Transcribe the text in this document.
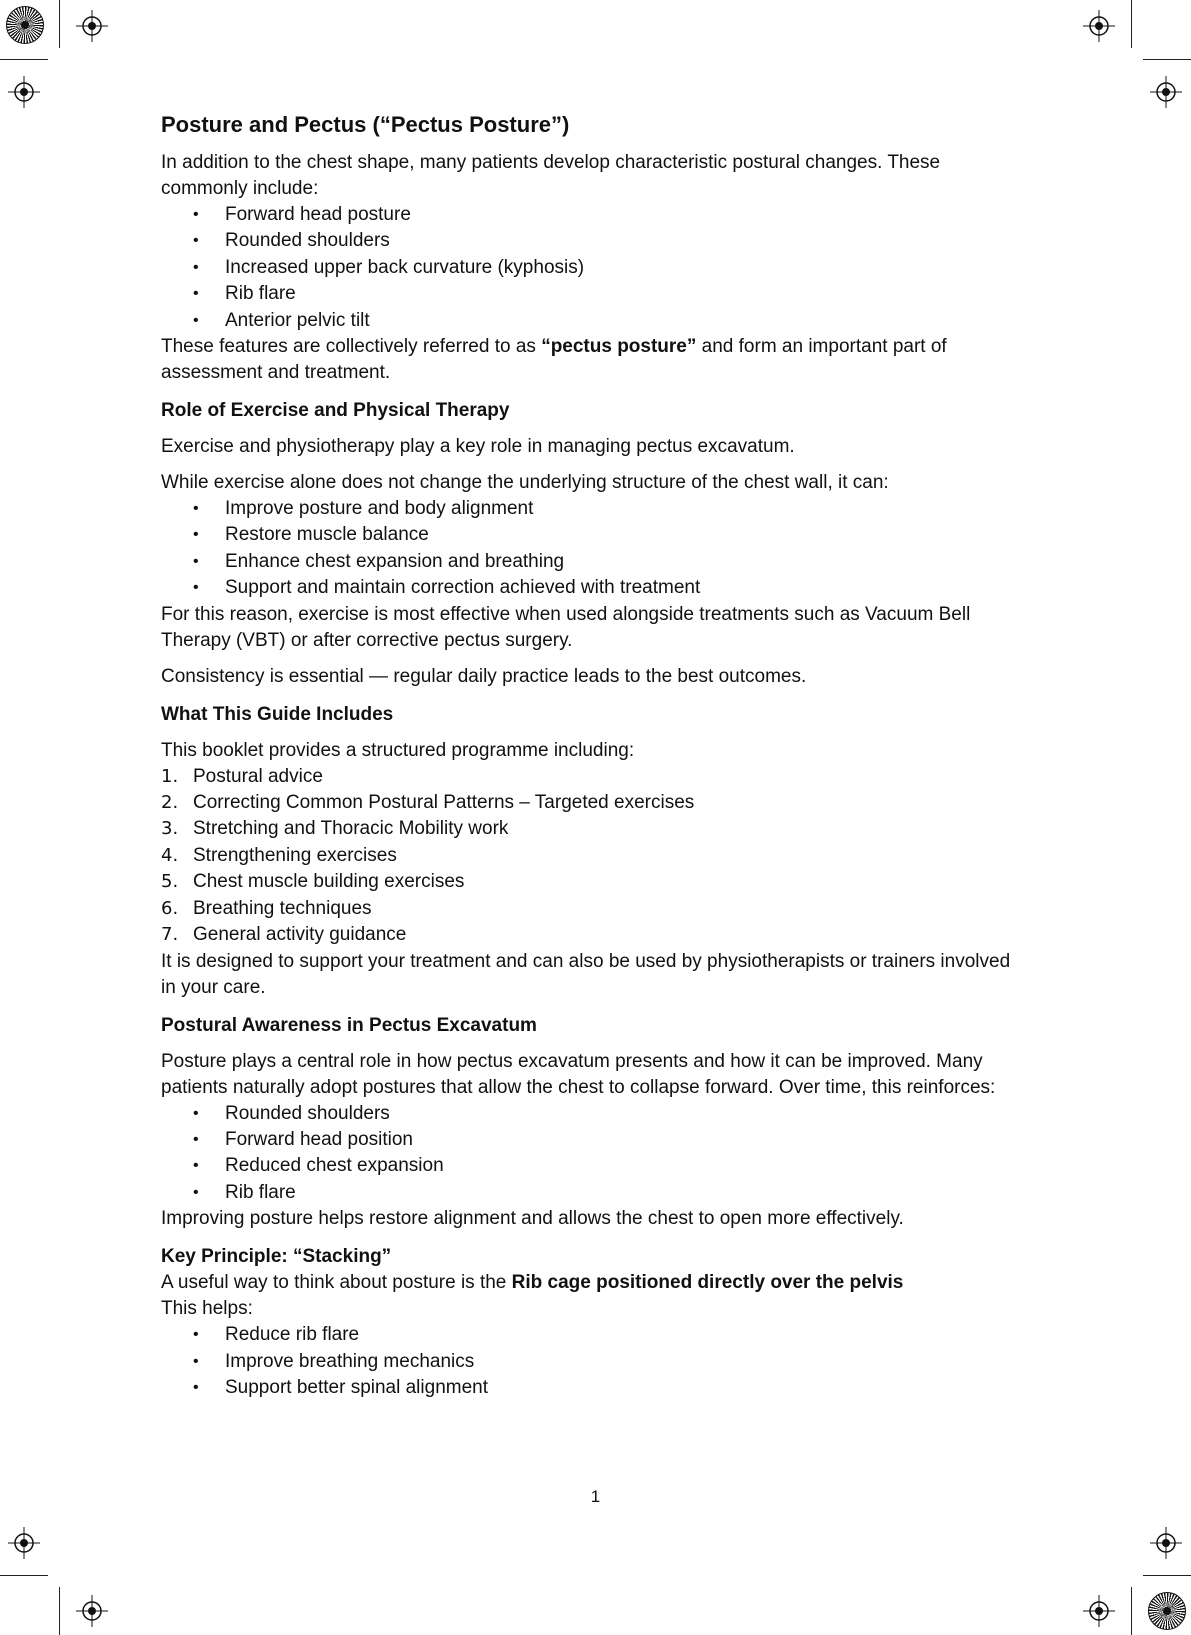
Posture and Pectus (“Pectus Posture”)

In addition to the chest shape, many patients develop characteristic postural changes. These commonly include:

• Forward head posture
• Rounded shoulders
• Increased upper back curvature (kyphosis)
• Rib flare
• Anterior pelvic tilt

These features are collectively referred to as “pectus posture” and form an important part of assessment and treatment.

Role of Exercise and Physical Therapy

Exercise and physiotherapy play a key role in managing pectus excavatum.

While exercise alone does not change the underlying structure of the chest wall, it can:

• Improve posture and body alignment
• Restore muscle balance
• Enhance chest expansion and breathing
• Support and maintain correction achieved with treatment

For this reason, exercise is most effective when used alongside treatments such as Vacuum Bell Therapy (VBT) or after corrective pectus surgery.

Consistency is essential — regular daily practice leads to the best outcomes.

What This Guide Includes

This booklet provides a structured programme including:

1. Postural advice
2. Correcting Common Postural Patterns – Targeted exercises
3. Stretching and Thoracic Mobility work
4. Strengthening exercises
5. Chest muscle building exercises
6. Breathing techniques
7. General activity guidance

It is designed to support your treatment and can also be used by physiotherapists or trainers involved in your care.

Postural Awareness in Pectus Excavatum

Posture plays a central role in how pectus excavatum presents and how it can be improved. Many patients naturally adopt postures that allow the chest to collapse forward. Over time, this reinforces:

• Rounded shoulders
• Forward head position
• Reduced chest expansion
• Rib flare

Improving posture helps restore alignment and allows the chest to open more effectively.

Key Principle: “Stacking”

A useful way to think about posture is the Rib cage positioned directly over the pelvis

This helps:

• Reduce rib flare
• Improve breathing mechanics
• Support better spinal alignment
1
